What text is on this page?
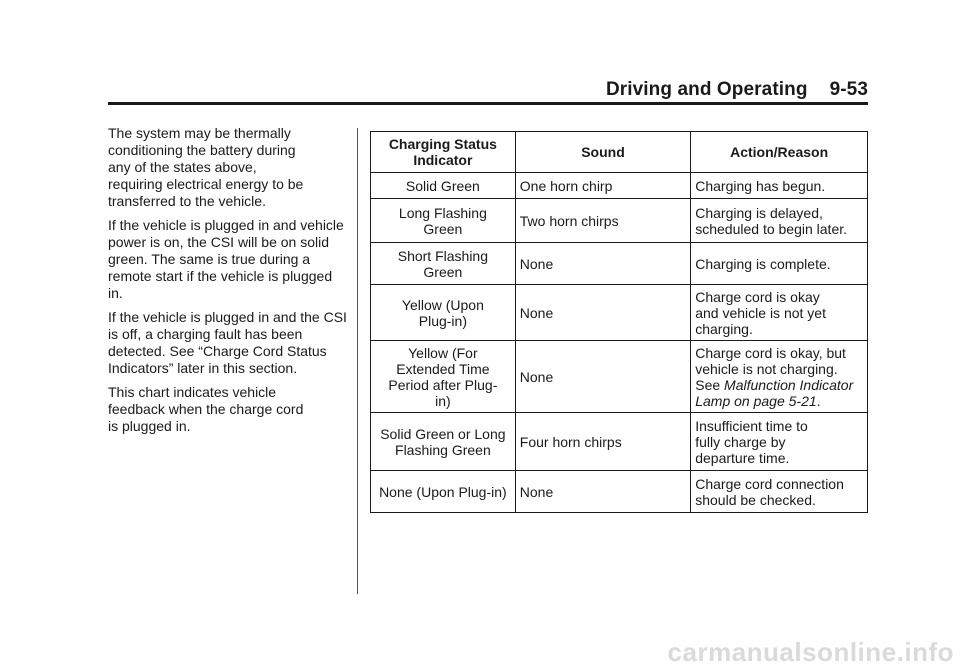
Driving and Operating 9-53

The system may be thermally conditioning the battery during any of the states above, requiring electrical energy to be transferred to the vehicle.

If the vehicle is plugged in and vehicle power is on, the CSI will be on solid green. The same is true during a remote start if the vehicle is plugged in.

If the vehicle is plugged in and the CSI is off, a charging fault has been detected. See “Charge Cord Status Indicators” later in this section.

This chart indicates vehicle feedback when the charge cord is plugged in.

Charging Status Indicator	Sound	Action/Reason
Solid Green	One horn chirp	Charging has begun.
Long Flashing Green	Two horn chirps	Charging is delayed, scheduled to begin later.
Short Flashing Green	None	Charging is complete.
Yellow (Upon Plug-in)	None	Charge cord is okay and vehicle is not yet charging.
Yellow (For Extended Time Period after Plug-in)	None	Charge cord is okay, but vehicle is not charging. See Malfunction Indicator Lamp on page 5-21.
Solid Green or Long Flashing Green	Four horn chirps	Insufficient time to fully charge by departure time.
None (Upon Plug-in)	None	Charge cord connection should be checked.
carmanualsonline.info
